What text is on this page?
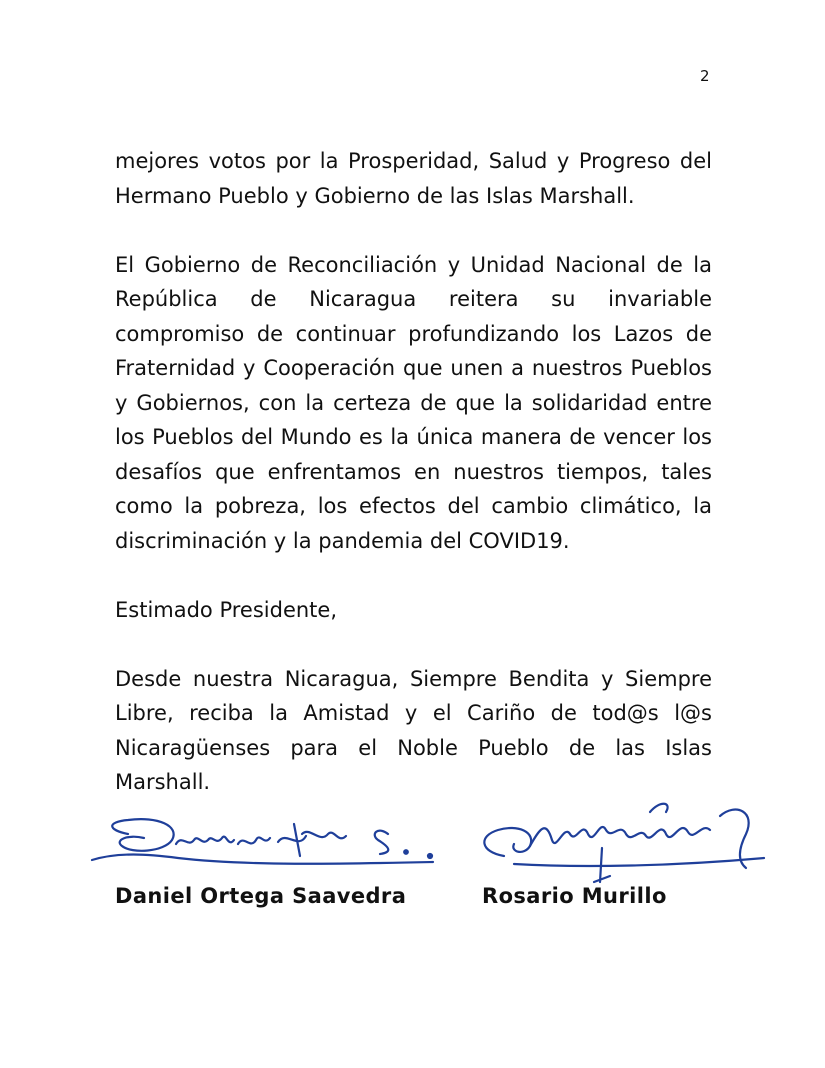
2

mejores votos por la Prosperidad, Salud y Progreso del Hermano Pueblo y Gobierno de las Islas Marshall.

El Gobierno de Reconciliación y Unidad Nacional de la República de Nicaragua reitera su invariable compromiso de continuar profundizando los Lazos de Fraternidad y Cooperación que unen a nuestros Pueblos y Gobiernos, con la certeza de que la solidaridad entre los Pueblos del Mundo es la única manera de vencer los desafíos que enfrentamos en nuestros tiempos, tales como la pobreza, los efectos del cambio climático, la discriminación y la pandemia del COVID19.

Estimado Presidente,

Desde nuestra Nicaragua, Siempre Bendita y Siempre Libre, reciba la Amistad y el Cariño de tod@s l@s Nicaragüenses para el Noble Pueblo de las Islas Marshall.

Daniel Ortega Saavedra	Rosario Murillo
